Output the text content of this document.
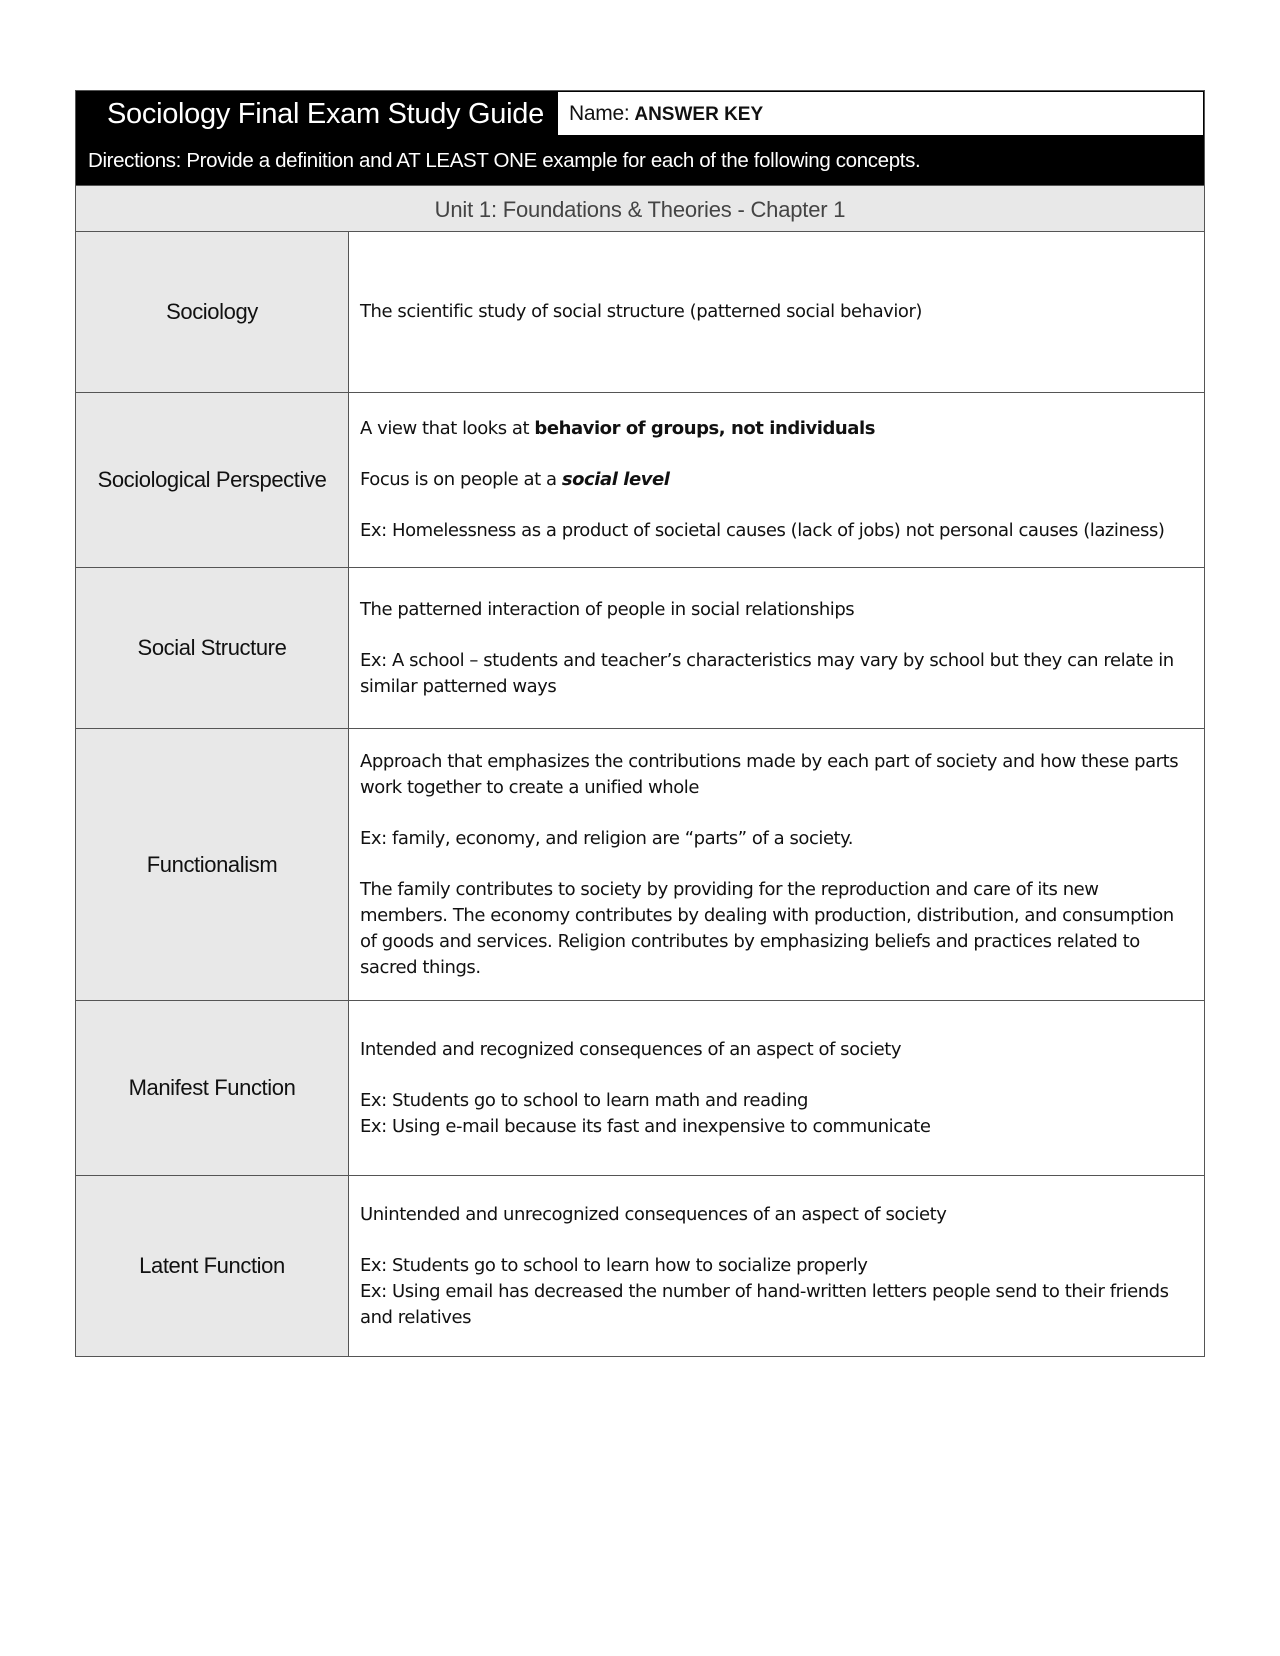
Sociology Final Exam Study Guide	Name: ANSWER KEY
Directions: Provide a definition and AT LEAST ONE example for each of the following concepts.
Unit 1: Foundations & Theories - Chapter 1
Sociology	The scientific study of social structure (patterned social behavior)

Sociological Perspective

A view that looks at behavior of groups, not individuals

Focus is on people at a social level

Ex: Homelessness as a product of societal causes (lack of jobs) not personal causes (laziness)

Social Structure

The patterned interaction of people in social relationships

Ex: A school – students and teacher’s characteristics may vary by school but they can relate in similar patterned ways

Functionalism

Approach that emphasizes the contributions made by each part of society and how these parts work together to create a unified whole

Ex: family, economy, and religion are “parts” of a society.

The family contributes to society by providing for the reproduction and care of its new members. The economy contributes by dealing with production, distribution, and consumption of goods and services. Religion contributes by emphasizing beliefs and practices related to sacred things.

Manifest Function

Intended and recognized consequences of an aspect of society

Ex: Students go to school to learn math and reading

Ex: Using e-mail because its fast and inexpensive to communicate

Latent Function

Unintended and unrecognized consequences of an aspect of society

Ex: Students go to school to learn how to socialize properly

Ex: Using email has decreased the number of hand-written letters people send to their friends and relatives
